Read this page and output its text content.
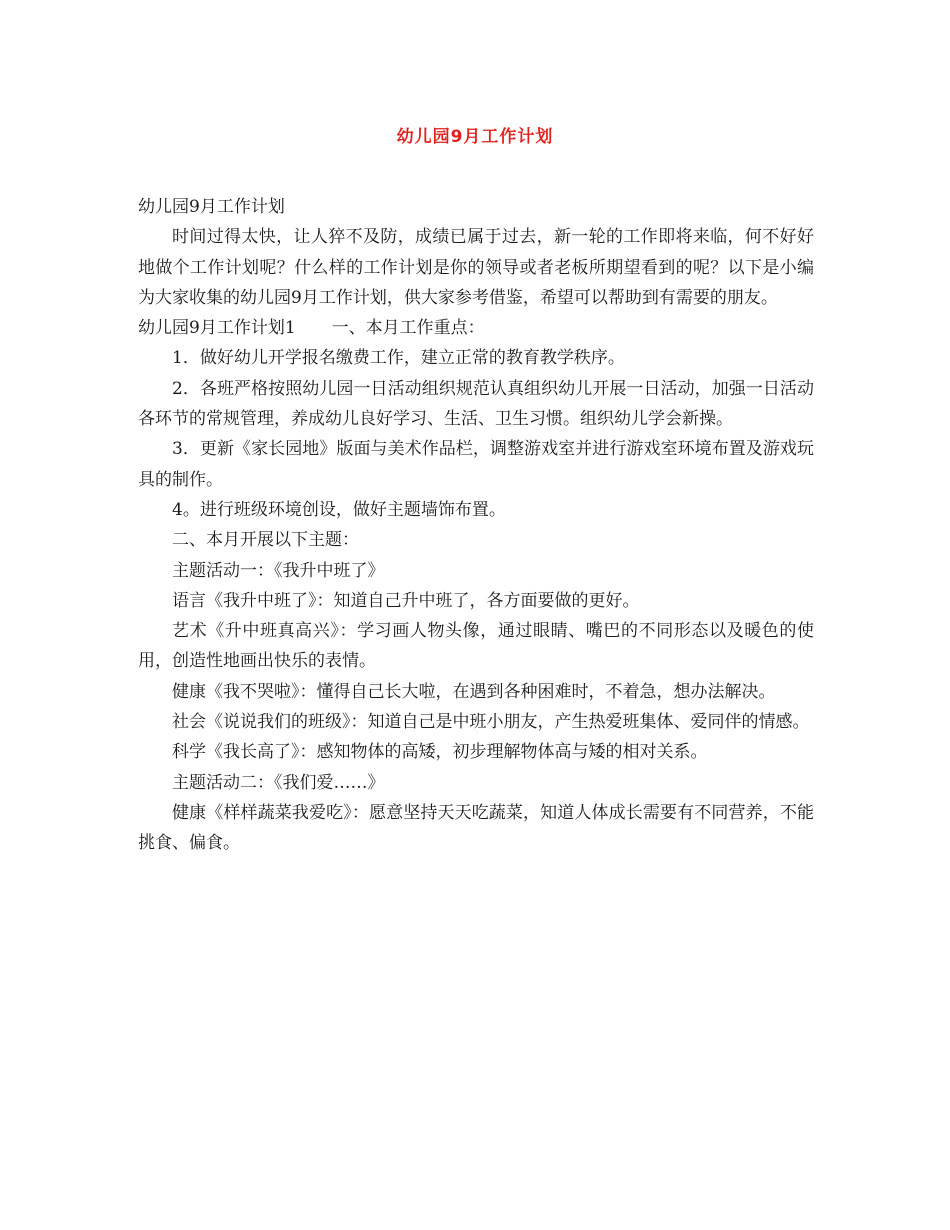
幼儿园9月工作计划

幼儿园9月工作计划

时间过得太快，让人猝不及防，成绩已属于过去，新一轮的工作即将来临，何不好好地做个工作计划呢？什么样的工作计划是你的领导或者老板所期望看到的呢？以下是小编为大家收集的幼儿园9月工作计划，供大家参考借鉴，希望可以帮助到有需要的朋友。

幼儿园9月工作计划1 一、本月工作重点：

1．做好幼儿开学报名缴费工作，建立正常的教育教学秩序。

2．各班严格按照幼儿园一日活动组织规范认真组织幼儿开展一日活动，加强一日活动各环节的常规管理，养成幼儿良好学习、生活、卫生习惯。组织幼儿学会新操。

3．更新《家长园地》版面与美术作品栏，调整游戏室并进行游戏室环境布置及游戏玩具的制作。

4。进行班级环境创设，做好主题墙饰布置。

二、本月开展以下主题：

主题活动一：《我升中班了》

语言《我升中班了》：知道自己升中班了，各方面要做的更好。

艺术《升中班真高兴》：学习画人物头像，通过眼睛、嘴巴的不同形态以及暖色的使用，创造性地画出快乐的表情。

健康《我不哭啦》：懂得自己长大啦，在遇到各种困难时，不着急，想办法解决。

社会《说说我们的班级》：知道自己是中班小朋友，产生热爱班集体、爱同伴的情感。

科学《我长高了》：感知物体的高矮，初步理解物体高与矮的相对关系。

主题活动二：《我们爱……》

健康《样样蔬菜我爱吃》：愿意坚持天天吃蔬菜，知道人体成长需要有不同营养，不能挑食、偏食。
